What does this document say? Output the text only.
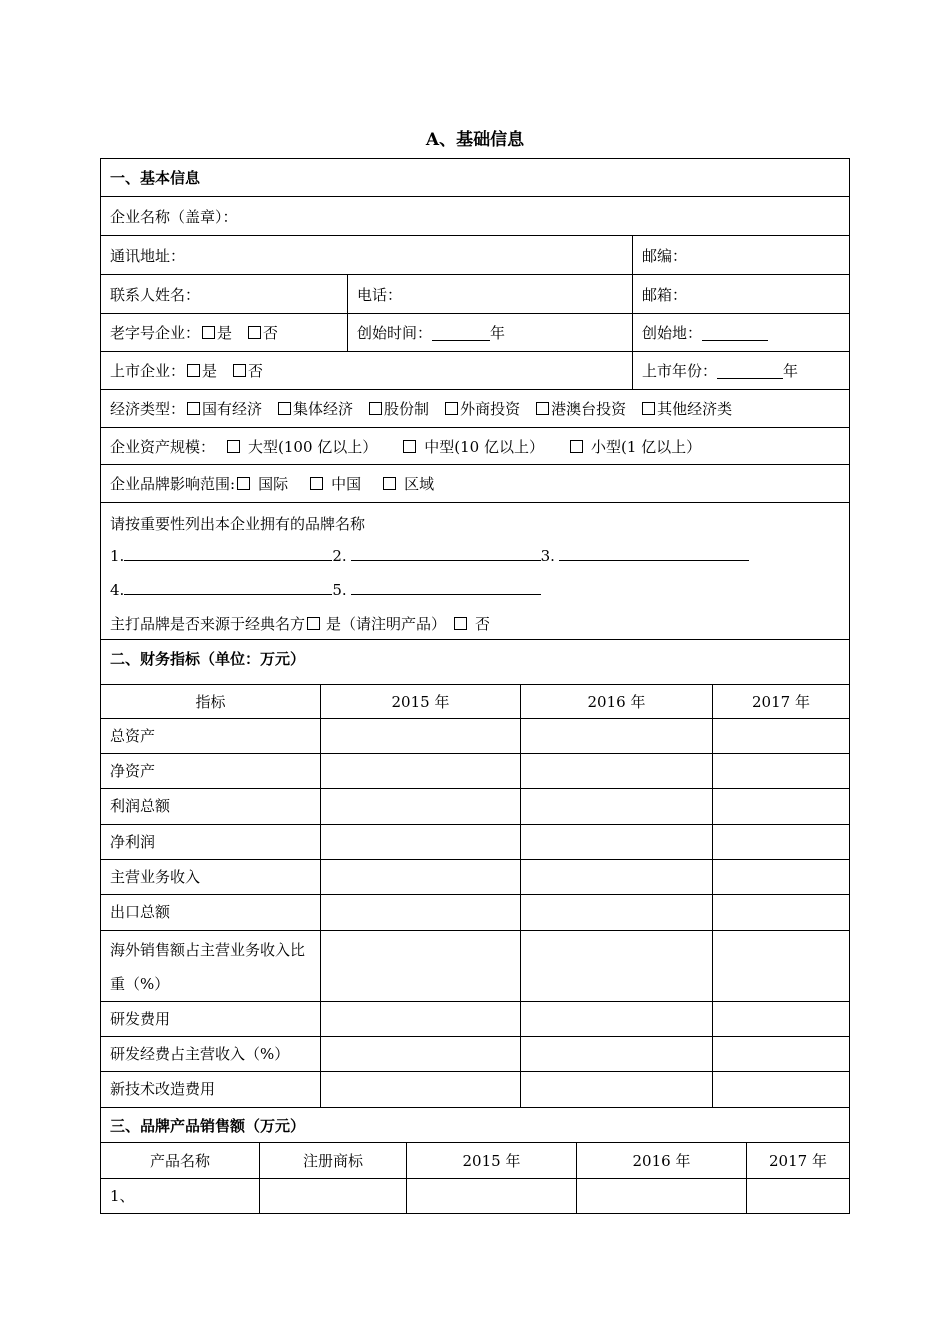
A、基础信息
一、基本信息
企业名称（盖章）：
通讯地址：	邮编：
联系人姓名：	电话：	邮箱：
老字号企业： 是 否	创始时间：	年	创始地：
上市企业： 是 否	上市年份：	年
经济类型： 国有经济 集体经济 股份制 外商投资 港澳台投资 其他经济类
企业资产规模： 大型(100 亿以上）	中型(10 亿以上）	小型(1 亿以上）
企业品牌影响范围: 国际	中国	区域
请按重要性列出本企业拥有的品牌名称
1.	2.	3.
4.	5.
主打品牌是否来源于经典名方 是（请注明产品） 否
二、财务指标（单位：万元）
指标	2015 年	2016 年	2017 年
总资产
净资产
利润总额
净利润
主营业务收入
出口总额
海外销售额占主营业务收入比重（%）
研发费用
研发经费占主营收入（%）
新技术改造费用
三、品牌产品销售额（万元）
产品名称	注册商标	2015 年	2016 年	2017 年
1、
